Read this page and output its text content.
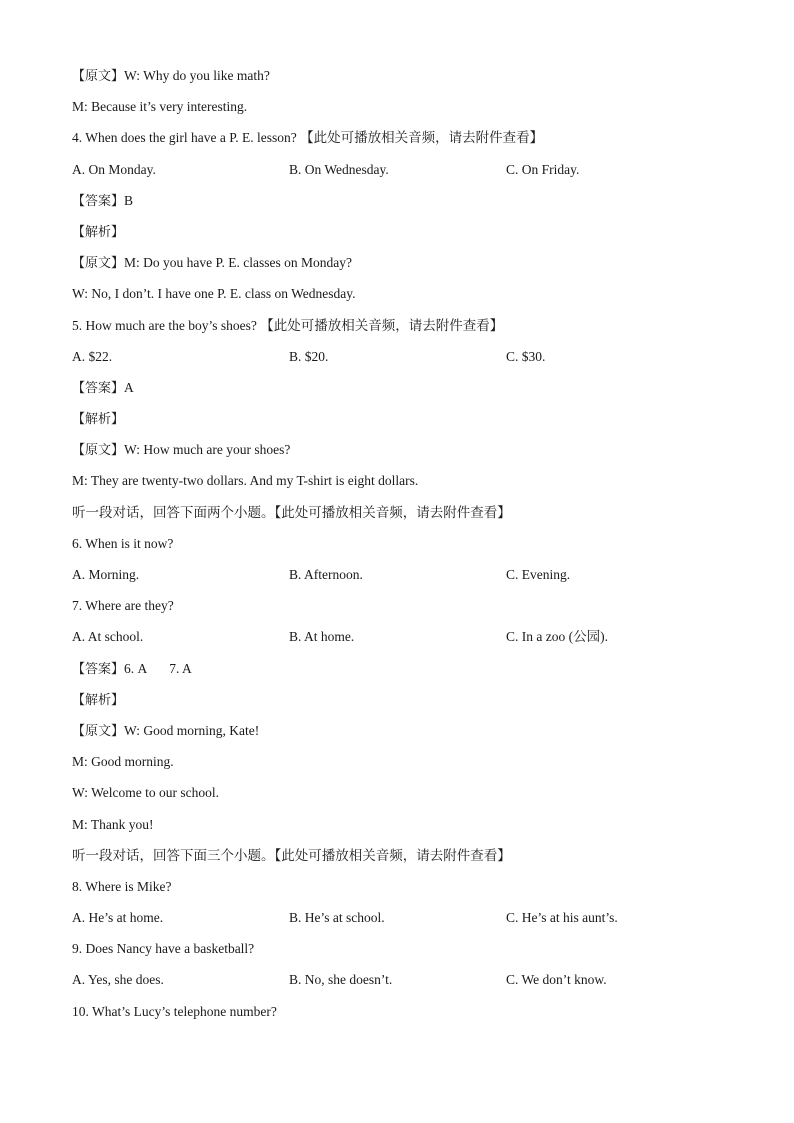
【原文】W: Why do you like math?
M: Because it’s very interesting.
4. When does the girl have a P. E. lesson? 【此处可播放相关音频，请去附件查看】
A. On Monday.	B. On Wednesday.	C. On Friday.
【答案】B
【解析】
【原文】M: Do you have P. E. classes on Monday?
W: No, I don’t. I have one P. E. class on Wednesday.
5. How much are the boy’s shoes? 【此处可播放相关音频，请去附件查看】
A. $22.	B. $20.	C. $30.
【答案】A
【解析】
【原文】W: How much are your shoes?
M: They are twenty-two dollars. And my T-shirt is eight dollars.
听一段对话，回答下面两个小题。【此处可播放相关音频，请去附件查看】
6. When is it now?
A. Morning.	B. Afternoon.	C. Evening.
7. Where are they?
A. At school.	B. At home.	C. In a zoo (公园).
【答案】6. A 7. A
【解析】
【原文】W: Good morning, Kate!
M: Good morning.
W: Welcome to our school.
M: Thank you!
听一段对话，回答下面三个小题。【此处可播放相关音频，请去附件查看】
8. Where is Mike?
A. He’s at home.	B. He’s at school.	C. He’s at his aunt’s.
9. Does Nancy have a basketball?
A. Yes, she does.	B. No, she doesn’t.	C. We don’t know.
10. What’s Lucy’s telephone number?
